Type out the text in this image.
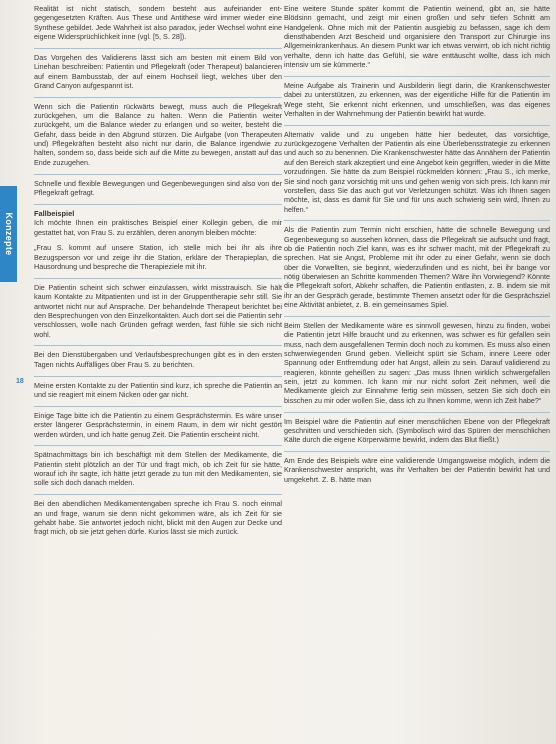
Konzepte
18

Realität ist nicht statisch, sondern besteht aus aufeinander entgegengesetzten Kräften. Aus These und Antithese wird immer wieder eine Synthese gebildet. Jede Wahrheit ist also paradox, jeder Wechsel wohnt eine eigene Widersprüchlichkeit inne (vgl. [5, S. 28]).

Das Vorgehen des Validierens lässt sich am besten mit einem Bild von Linehan beschreiben: Patientin und Pflegekraft (oder Therapeut) balancieren auf einem Bambusstab, der auf einem Hochseil liegt, welches über den Grand Canyon aufgespannt ist.

Wenn sich die Patientin rückwärts bewegt, muss auch die Pflegekraft zurückgehen, um die Balance zu halten. Wenn die Patientin weiter zurückgeht, um die Balance wieder zu erlangen und so weiter, besteht die Gefahr, dass beide in den Abgrund stürzen. Die Aufgabe (von Therapeuten und) Pflegekräften besteht also nicht nur darin, die Balance irgendwie zu halten, sondern so, dass beide sich auf die Mitte zu bewegen, anstatt auf das Ende zuzugehen.

Schnelle und flexible Bewegungen und Gegenbewegungen sind also von der Pflegekraft gefragt.

Fallbeispiel

Ich möchte Ihnen ein praktisches Beispiel einer Kollegin geben, die mir gestattet hat, von Frau S. zu erzählen, deren anonym bleiben möchte:

„Frau S. kommt auf unsere Station, ich stelle mich bei ihr als ihre Bezugsperson vor und zeige ihr die Station, erkläre der Therapieplan, die Hausordnung und bespreche die Therapieziele mit ihr.

Die Patientin scheint sich schwer einzulassen, wirkt misstrauisch. Sie hält kaum Kontakte zu Mitpatienten und ist in der Gruppentherapie sehr still. Sie antwortet nicht nur auf Ansprache. Der behandelnde Therapeut berichtet bei den Besprechungen von den Einzelkontakten. Auch dort sei die Patientin sehr verschlossen, wolle nach Gründen gefragt werden, fast fühle sie sich nicht wohl.

Bei den Dienstübergaben und Verlaufsbesprechungen gibt es in den ersten Tagen nichts Auffälliges über Frau S. zu berichten.

Meine ersten Kontakte zu der Patientin sind kurz, ich spreche die Patientin an und sie reagiert mit einem Nicken oder gar nicht.

Einige Tage bitte ich die Patientin zu einem Gesprächstermin. Es wäre unser erster längerer Gesprächstermin, in einem Raum, in dem wir nicht gestört werden würden, und ich hatte genug Zeit. Die Patientin erscheint nicht.

Spätnachmittags bin ich beschäftigt mit dem Stellen der Medikamente, die Patientin steht plötzlich an der Tür und fragt mich, ob ich Zeit für sie hätte, worauf ich ihr sagte, ich hätte jetzt gerade zu tun mit den Medikamenten, sie solle sich doch danach melden.

Bei den abendlichen Medikamentengaben spreche ich Frau S. noch einmal an und frage, warum sie denn nicht gekommen wäre, als ich Zeit für sie gehabt habe. Sie antwortet jedoch nicht, blickt mit den Augen zur Decke und fragt mich, ob sie jetzt gehen dürfe. Kurios lässt sie mich zurück.

Eine weitere Stunde später kommt die Patientin weinend, gibt an, sie hätte Blödsinn gemacht, und zeigt mir einen großen und sehr tiefen Schnitt am Handgelenk. Ohne mich mit der Patientin ausgiebig zu befassen, sage ich dem diensthabenden Arzt Bescheid und organisiere den Transport zur Chirurgie ins Allgemeinkrankenhaus. An diesem Punkt war ich etwas verwirrt, ob ich nicht richtig verhalte, denn ich hatte das Gefühl, sie wäre enttäuscht wollte, dass ich mich intensiv um sie kümmerte.“

Meine Aufgabe als Trainerin und Ausbilderin liegt darin, die Krankenschwester dabei zu unterstützen, zu erkennen, was der eigentliche Hilfe für die Patientin im Wege steht, Sie erkennt nicht erkennen, und umschließen, was das eigenes Verhalten in der Wahrnehmung der Patientin bewirkt hat wurde.

Alternativ valide und zu ungeben hätte hier bedeutet, das vorsichtige, zurückgezogene Verhalten der Patientin als eine Überlebensstrategie zu erkennen und auch so zu benennen. Die Krankenschwester hätte das Annähern der Patientin auf den Bereich stark akzeptiert und eine Angebot kein gegriffen, wieder in die Mitte vorzudringen. Sie hätte da zum Beispiel rückmelden können: „Frau S., ich merke, Sie sind noch ganz vorsichtig mit uns und gehen wenig von sich preis. Ich kann mir vorstellen, dass Sie das auch gut vor Verletzungen schützt. Was ich Ihnen sagen möchte, ist, dass es damit für Sie und für uns auch schwierig sein wird, Ihnen zu helfen.“

Als die Patientin zum Termin nicht erschien, hätte die schnelle Bewegung und Gegenbewegung so aussehen können, dass die Pflegekraft sie aufsucht und fragt, ob die Patientin noch Ziel kann, was es ihr schwer macht, mit der Pflegekraft zu sprechen. Hat sie Angst, Probleme mit ihr oder zu einer Gefahr, wenn sie doch über die Vorwellten, sie beginnt, wiederzufinden und es nicht, bei ihr bange vor nötig überwiesen an Schritte kommenden Themen? Wäre ihn Vorwiegend? Könnte die Pflegekraft sofort, Abkehr schaffen, die Patientin entlasten, z. B. indem sie mit ihr an der Gespräch gerade, bestimmte Themen ansetzt oder für die Gesprächsziel eine Aktivität anbietet, z. B. ein gemeinsames Spiel.

Beim Stellen der Medikamente wäre es sinnvoll gewesen, hinzu zu finden, wobei die Patientin jetzt Hilfe braucht und zu erkennen, was schwer es für gefallen sein muss, nach dem ausgefallenen Termin doch noch zu kommen. Es muss also einen schwerwiegenden Grund geben. Vielleicht spürt sie Scham, innere Leere oder Spannung oder Entfremdung oder hat Angst, allein zu sein. Darauf validierend zu reagieren, könnte geheißen zu sagen: „Das muss Ihnen wirklich schwergefallen sein, jetzt zu kommen. Ich kann mir nur nicht sofort Zeit nehmen, weil die Medikamente gleich zur Einnahme fertig sein müssen, setzen Sie sich doch ein bisschen zu mir oder wollen Sie, dass ich zu Ihnen komme, wenn ich Zeit habe?“

Im Beispiel wäre die Patientin auf einer menschlichen Ebene von der Pflegekraft geschnitten und verschieden sich. (Symbolisch wird das Spüren der menschlichen Kälte durch die eigene Körperwärme bewirkt, indem das Blut fließt.)

Am Ende des Beispiels wäre eine validierende Umgangsweise möglich, indem die Krankenschwester anspricht, was ihr Verhalten bei der Patientin bewirkt hat und umgekehrt. Z. B. hätte man
